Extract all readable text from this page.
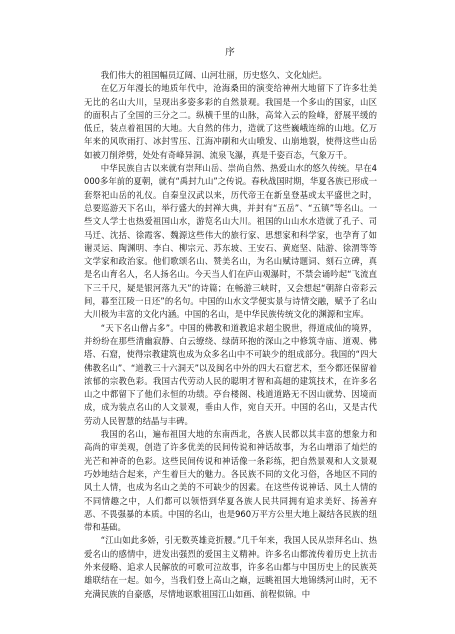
序

我们伟大的祖国幅员辽阔、山河壮丽，历史悠久、文化灿烂。

在亿万年漫长的地质年代中，沧海桑田的演变给神州大地留下了许多壮美无比的名山大川，呈现出多姿多彩的自然景观。我国是一个多山的国家，山区的面积占了全国的三分之二。纵横千里的山脉，高耸入云的险峰，舒展平缓的低丘，装点着祖国的大地。大自然的伟力，造就了这些巍峨连绵的山地。亿万年来的风吹雨打、冰封雪压、江海冲刷和火山喷发、山崩地裂，使得这些山岳如被刀削斧劈，处处有奇峰异洞、流泉飞瀑，真是千姿百态，气象万千。

中华民族自古以来就有崇拜山岳、崇尚自然、热爱山水的悠久传统。早在4000多年前的夏朝，就有“禹封九山”之传说。春秋战国时期，华夏各族已形成一套祭祀山岳的礼仪。自秦皇汉武以来，历代帝王在新皇登基或太平盛世之时，总要巡游天下名山，举行盛大的封禅大典，并封有“五岳”、“五镇”等名山。一些文人学士也热爱祖国山水，游览名山大川。祖国的山山水水造就了孔子、司马迁、沈括、徐霞客、魏源这些伟大的旅行家、思想家和科学家，也孕育了如谢灵运、陶渊明、李白、柳宗元、苏东坡、王安石、黄庭坚、陆游、徐渭等等文学家和政治家。他们歌颂名山、赞美名山，为名山赋诗题词、刻石立碑，真是名山育名人，名人扬名山。今天当人们在庐山观瀑时，不禁会诵吟起“飞流直下三千尺，疑是银河落九天”的诗篇；在畅游三峡时，又会想起“朝辞白帝彩云间，暮至江陵一日还”的名句。中国的山水文学便实景与诗情交融，赋予了名山大川极为丰富的文化内涵。中国的名山，是中华民族传统文化的渊源和宝库。

“天下名山僧占多”。中国的佛教和道教追求超尘脱世，得道成仙的境界，并纷纷在那些清幽寂静、白云缭绕、绿荫环抱的深山之中修筑寺庙、道观、佛塔、石窟，使得宗教建筑也成为众多名山中不可缺少的组成部分。我国的“四大佛教名山”、“道教三十六洞天”以及闽名中外的四大石窟艺术，至今都还保留着浓郁的宗教色彩。我国古代劳动人民的聪明才智和高超的建筑技术，在许多名山之中都留下了他们永恒的功绩。亭台楼阁、栈道道路无不因山就势、因境而成，成为装点名山的人文景观，垂由人作，宛自天开。中国的名山，又是古代劳动人民智慧的结晶与丰碑。

我国的名山，遍布祖国大地的东南西北，各族人民都以其丰富的想象力和高尚的审美观，创造了许多优美的民间传说和神话故事，为名山增添了灿烂的光芒和神奇的色彩。这些民间传说和神话像一条彩练，把自然景观和人文景观巧妙地结合起来，产生着巨大的魅力。各民族不同的文化习俗，各地区不同的风土人情，也成为名山之美的不可缺少的因素。在这些传说神话、风土人情的不同情趣之中，人们都可以领悟到华夏各族人民共同拥有追求美好、扬善弃恶、不畏强暴的本质。中国的名山，也是960万平方公里大地上凝结各民族的纽带和基础。

“江山如此多娇，引无数英雄竞折腰。”几千年来，我国人民从崇拜名山、热爱名山的感情中，进发出强烈的爱国主义精神。许多名山都流传着历史上抗击外来侵略、追求人民解放的可歌可泣故事，许多名山都与中国历史上的民族英雄联结在一起。如今，当我们登上高山之巅，远眺祖国大地锦绣河山时，无不充满民族的自豪感，尽情地讴歌祖国江山如画、前程似锦。中
